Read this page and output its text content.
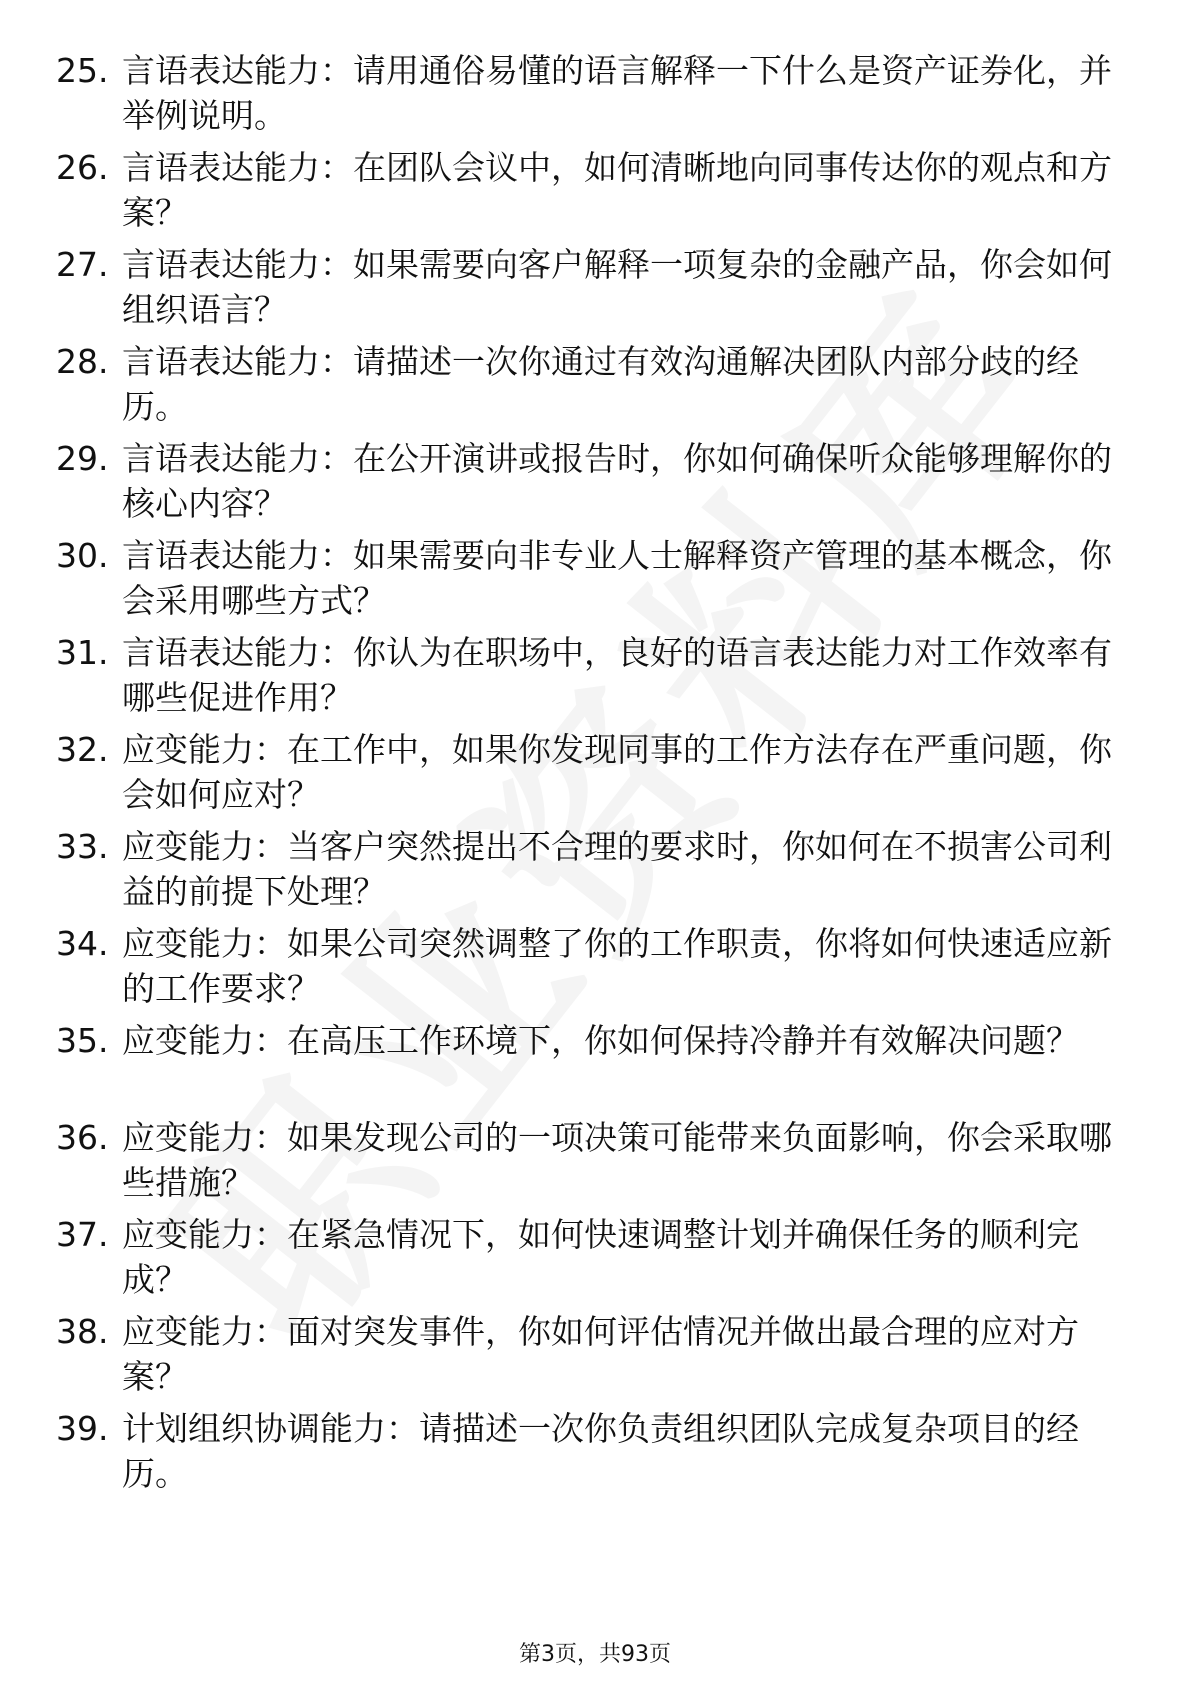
25. 言语表达能力：请用通俗易懂的语言解释一下什么是资产证券化，并举例说明。
26. 言语表达能力：在团队会议中，如何清晰地向同事传达你的观点和方案？
27. 言语表达能力：如果需要向客户解释一项复杂的金融产品，你会如何组织语言？
28. 言语表达能力：请描述一次你通过有效沟通解决团队内部分歧的经历。
29. 言语表达能力：在公开演讲或报告时，你如何确保听众能够理解你的核心内容？
30. 言语表达能力：如果需要向非专业人士解释资产管理的基本概念，你会采用哪些方式？
31. 言语表达能力：你认为在职场中，良好的语言表达能力对工作效率有哪些促进作用？
32. 应变能力：在工作中，如果你发现同事的工作方法存在严重问题，你会如何应对？
33. 应变能力：当客户突然提出不合理的要求时，你如何在不损害公司利益的前提下处理？
34. 应变能力：如果公司突然调整了你的工作职责，你将如何快速适应新的工作要求？
35. 应变能力：在高压工作环境下，你如何保持冷静并有效解决问题？
36. 应变能力：如果发现公司的一项决策可能带来负面影响，你会采取哪些措施？
37. 应变能力：在紧急情况下，如何快速调整计划并确保任务的顺利完成？
38. 应变能力：面对突发事件，你如何评估情况并做出最合理的应对方案？
39. 计划组织协调能力：请描述一次你负责组织团队完成复杂项目的经历。
第3页，共93页
